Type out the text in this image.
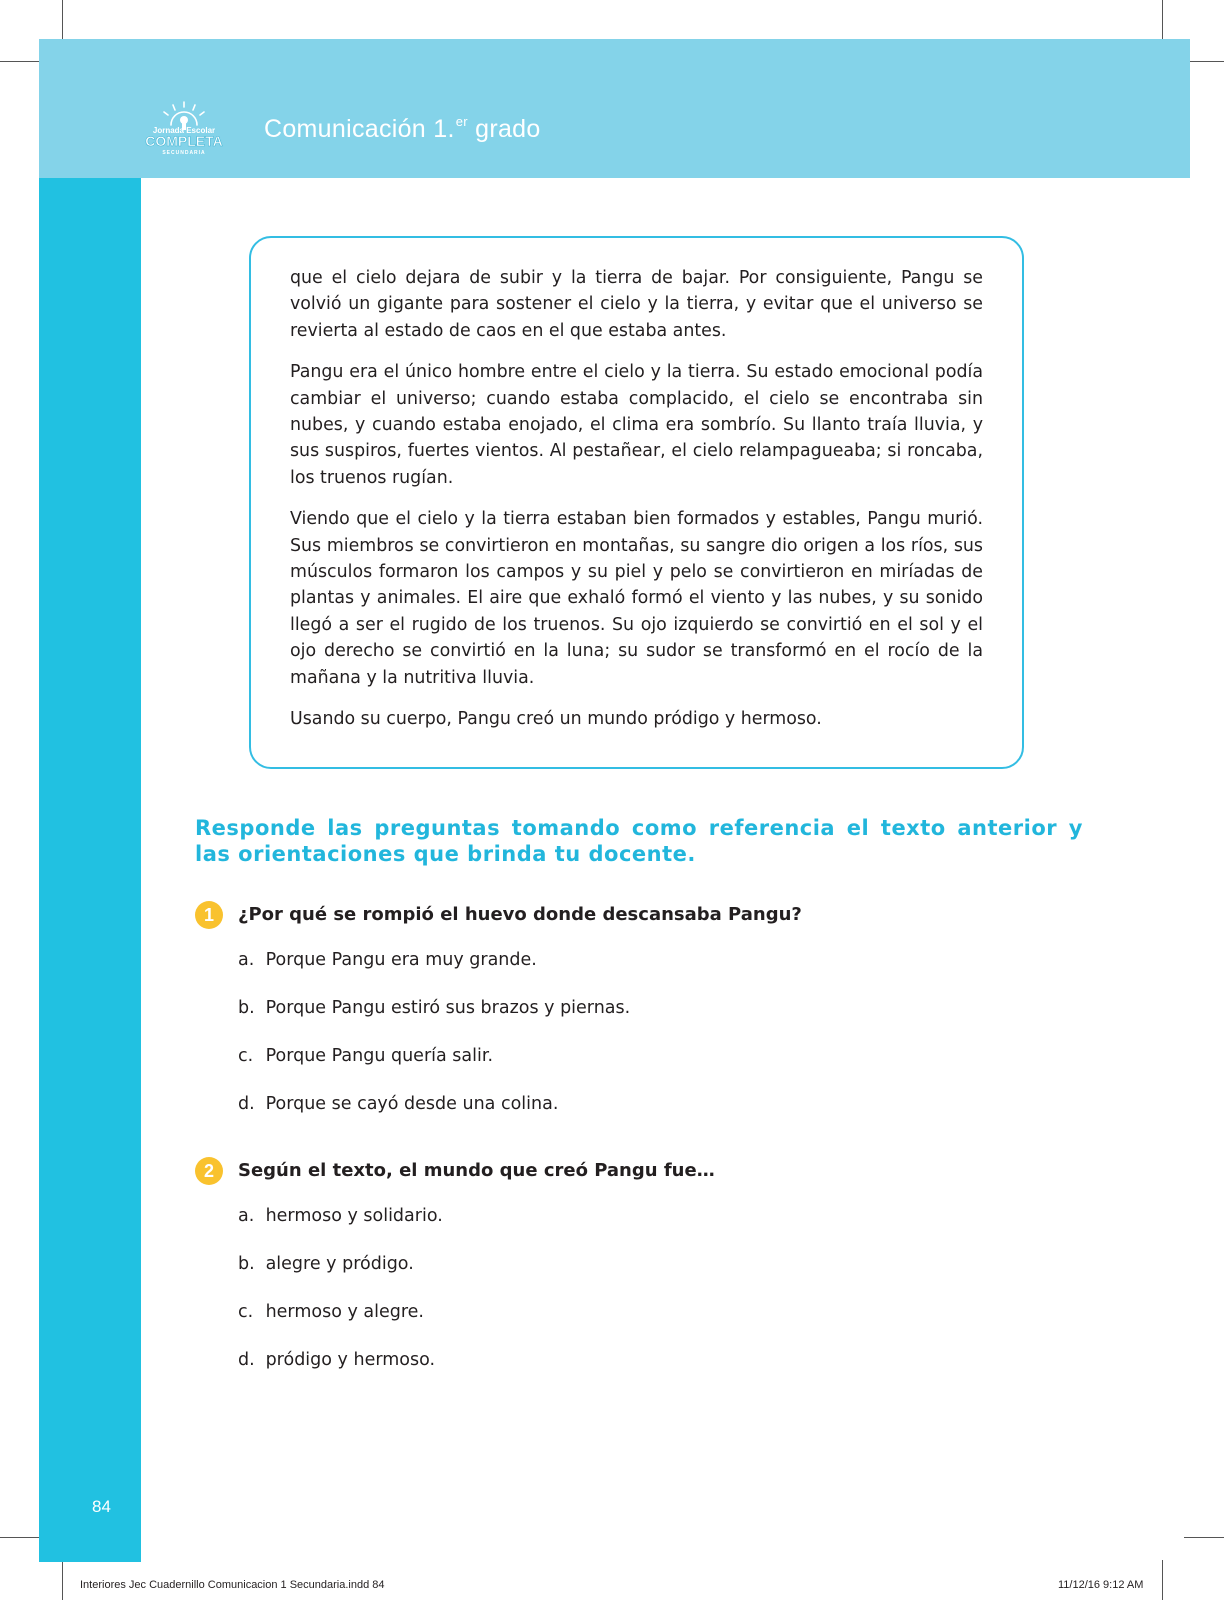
Jornada Escolar
COMPLETA
SECUNDARIA
Comunicación 1.$^{er}$ grado

que el cielo dejara de subir y la tierra de bajar. Por consiguiente, Pangu se volvió un gigante para sostener el cielo y la tierra, y evitar que el universo se revierta al estado de caos en el que estaba antes.

Pangu era el único hombre entre el cielo y la tierra. Su estado emocional podía cambiar el universo; cuando estaba complacido, el cielo se encontraba sin nubes, y cuando estaba enojado, el clima era sombrío. Su llanto traía lluvia, y sus suspiros, fuertes vientos. Al pestañear, el cielo relampagueaba; si roncaba, los truenos rugían.

Viendo que el cielo y la tierra estaban bien formados y estables, Pangu murió. Sus miembros se convirtieron en montañas, su sangre dio origen a los ríos, sus músculos formaron los campos y su piel y pelo se convirtieron en miríadas de plantas y animales. El aire que exhaló formó el viento y las nubes, y su sonido llegó a ser el rugido de los truenos. Su ojo izquierdo se convirtió en el sol y el ojo derecho se convirtió en la luna; su sudor se transformó en el rocío de la mañana y la nutritiva lluvia.

Usando su cuerpo, Pangu creó un mundo pródigo y hermoso.

Responde las preguntas tomando como referencia el texto anterior y las orientaciones que brinda tu docente.
1	¿Por qué se rompió el huevo donde descansaba Pangu?
a. Porque Pangu era muy grande.
b. Porque Pangu estiró sus brazos y piernas.
c. Porque Pangu quería salir.
d. Porque se cayó desde una colina.
2	Según el texto, el mundo que creó Pangu fue…
a. hermoso y solidario.
b. alegre y pródigo.
c. hermoso y alegre.
d. pródigo y hermoso.
84
Interiores Jec Cuadernillo Comunicacion 1 Secundaria.indd 84	11/12/16 9:12 AM
